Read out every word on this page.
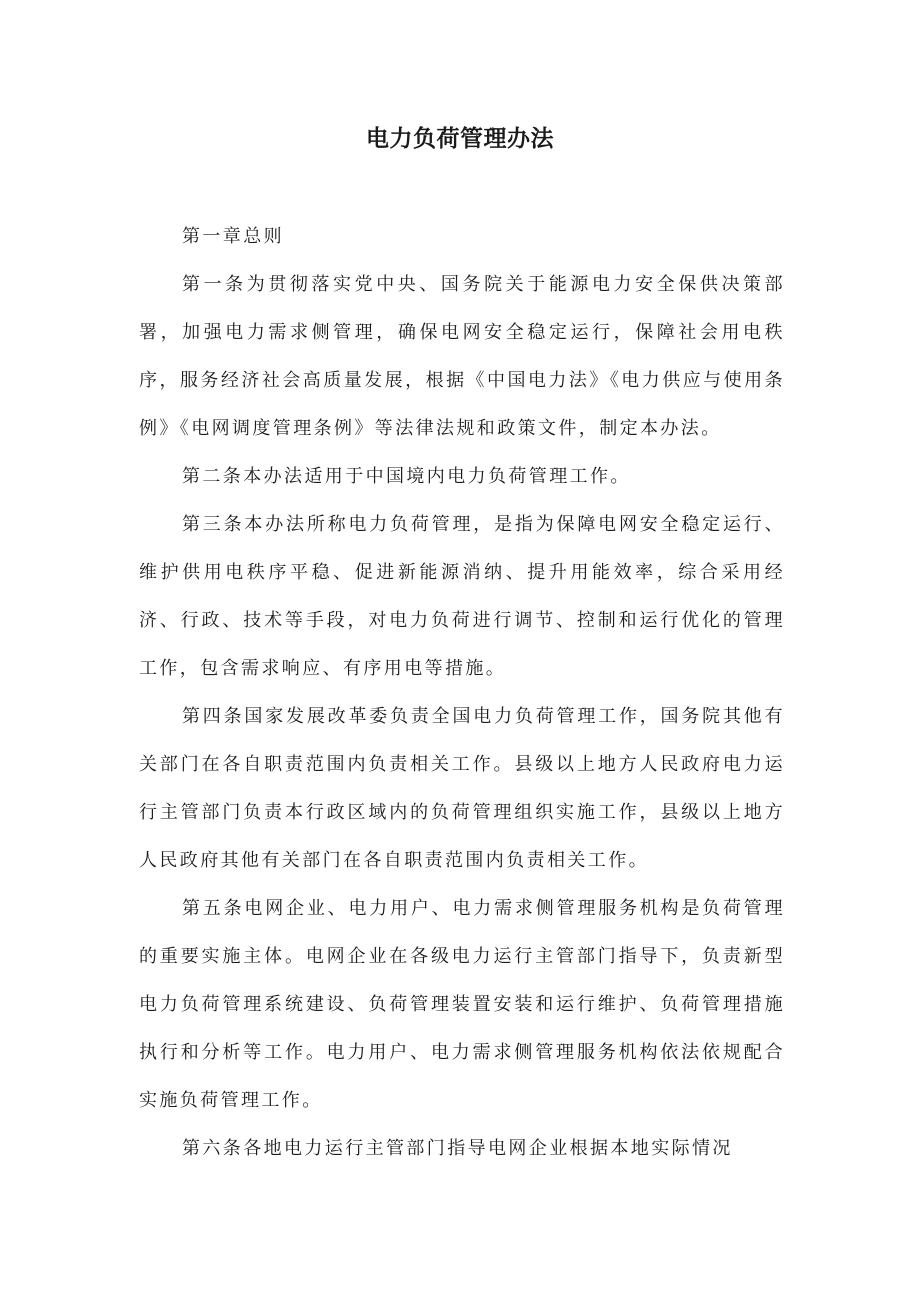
电力负荷管理办法

第一章总则

第一条为贯彻落实党中央、国务院关于能源电力安全保供决策部署，加强电力需求侧管理，确保电网安全稳定运行，保障社会用电秩序，服务经济社会高质量发展，根据《中国电力法》《电力供应与使用条例》《电网调度管理条例》等法律法规和政策文件，制定本办法。

第二条本办法适用于中国境内电力负荷管理工作。

第三条本办法所称电力负荷管理，是指为保障电网安全稳定运行、维护供用电秩序平稳、促进新能源消纳、提升用能效率，综合采用经济、行政、技术等手段，对电力负荷进行调节、控制和运行优化的管理工作，包含需求响应、有序用电等措施。

第四条国家发展改革委负责全国电力负荷管理工作，国务院其他有关部门在各自职责范围内负责相关工作。县级以上地方人民政府电力运行主管部门负责本行政区域内的负荷管理组织实施工作，县级以上地方人民政府其他有关部门在各自职责范围内负责相关工作。

第五条电网企业、电力用户、电力需求侧管理服务机构是负荷管理的重要实施主体。电网企业在各级电力运行主管部门指导下，负责新型电力负荷管理系统建设、负荷管理装置安装和运行维护、负荷管理措施执行和分析等工作。电力用户、电力需求侧管理服务机构依法依规配合实施负荷管理工作。

第六条各地电力运行主管部门指导电网企业根据本地实际情况
